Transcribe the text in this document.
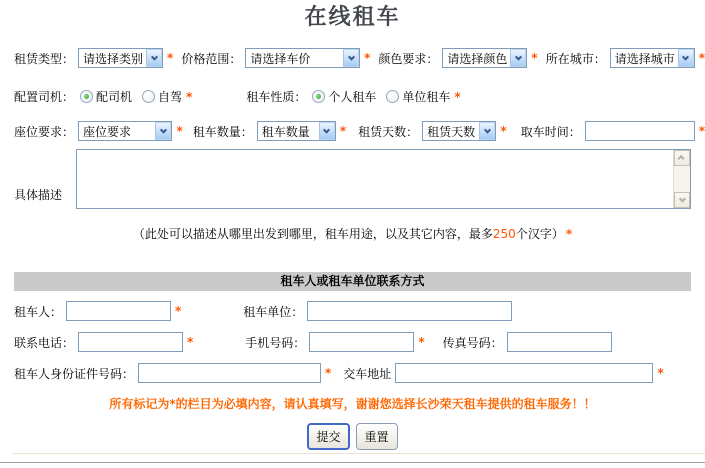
在线租车
租赁类型： 请选择类别 * 价格范围： 请选择车价	* 颜色要求： 请选择颜色 * 所在城市： 请选择城市 *
配置司机： 配司机 自驾 *	租车性质： 个人租车 单位租车 *
座位要求： 座位要求	* 租车数量： 租车数量	* 租赁天数： 租赁天数 * 取车时间：	*
具体描述
（此处可以描述从哪里出发到哪里，租车用途，以及其它内容，最多250个汉字） *
租车人或租车单位联系方式
租车人：	*	租车单位：
联系电话：	*	手机号码：	* 传真号码：
租车人身份证件号码：	* 交车地址	*
所有标记为*的栏目为必填内容，请认真填写，谢谢您选择长沙荣天租车提供的租车服务！！
提交	重置
